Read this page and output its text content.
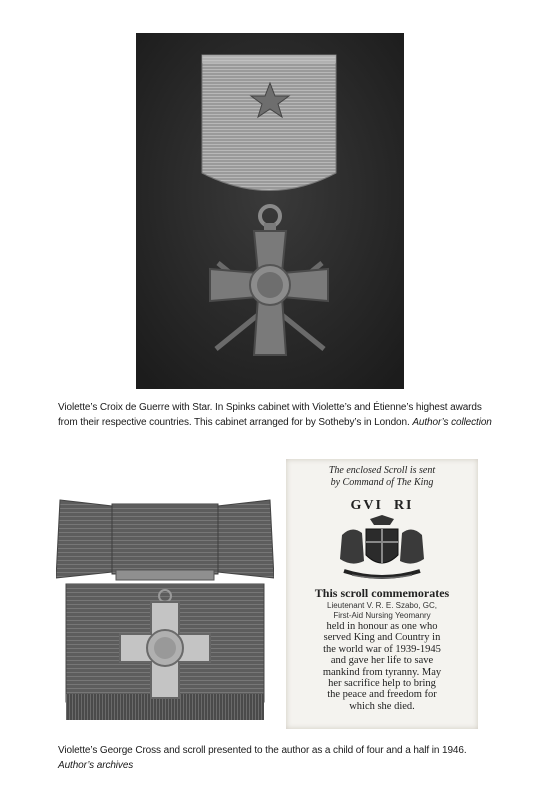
Violette’s Croix de Guerre with Star. In Spinks cabinet with Violette’s and Étienne’s highest awards
from their respective countries. This cabinet arranged for by Sotheby’s in London. Author’s collection
The enclosed Scroll is sent
by Command of The King
GVI RI
This scroll commemorates
Lieutenant V. R. E. Szabo, GC,
First-Aid Nursing Yeomanry
held in honour as one who
served King and Country in
the world war of 1939-1945
and gave her life to save
mankind from tyranny. May
her sacrifice help to bring
the peace and freedom for
which she died.
Violette’s George Cross and scroll presented to the author as a child of four and a half in 1946.
Author’s archives
